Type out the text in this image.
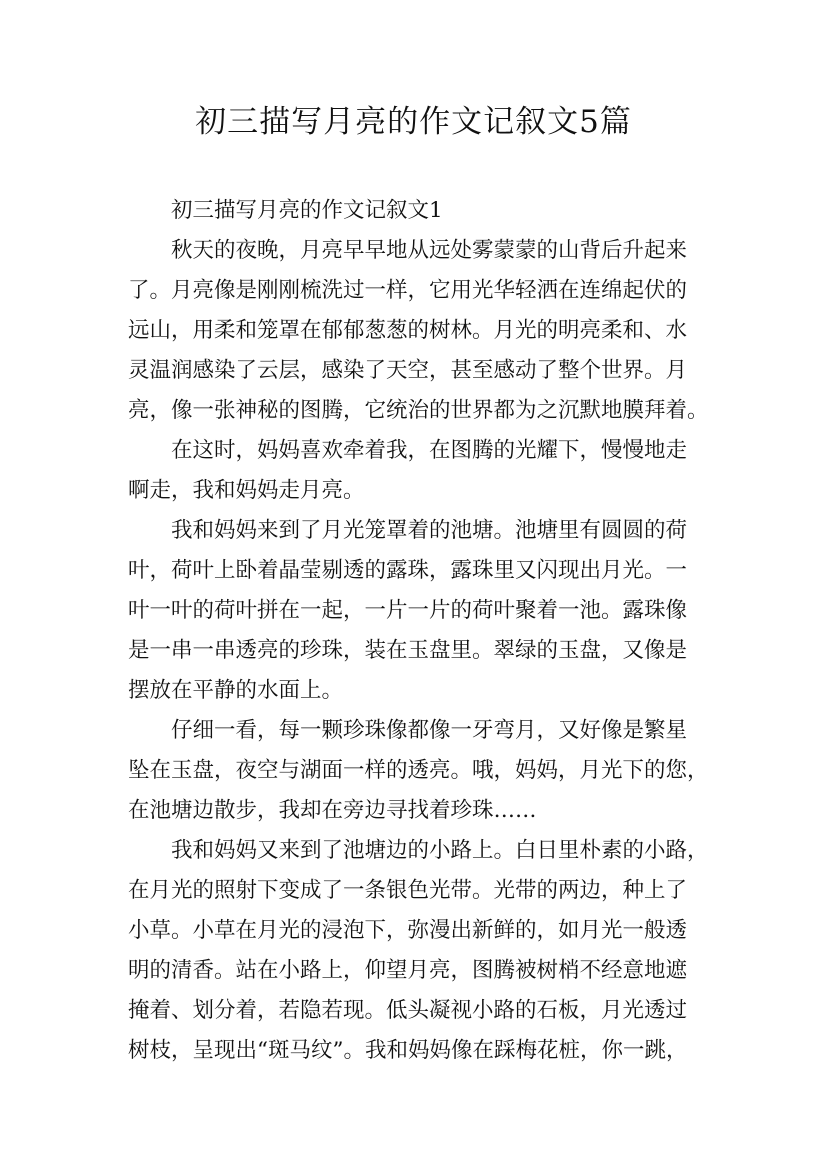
初三描写月亮的作文记叙文5篇

初三描写月亮的作文记叙文1

秋天的夜晚，月亮早早地从远处雾蒙蒙的山背后升起来
了。月亮像是刚刚梳洗过一样，它用光华轻洒在连绵起伏的
远山，用柔和笼罩在郁郁葱葱的树林。月光的明亮柔和、水
灵温润感染了云层，感染了天空，甚至感动了整个世界。月
亮，像一张神秘的图腾，它统治的世界都为之沉默地膜拜着。

在这时，妈妈喜欢牵着我，在图腾的光耀下，慢慢地走
啊走，我和妈妈走月亮。

我和妈妈来到了月光笼罩着的池塘。池塘里有圆圆的荷
叶，荷叶上卧着晶莹剔透的露珠，露珠里又闪现出月光。一
叶一叶的荷叶拼在一起，一片一片的荷叶聚着一池。露珠像
是一串一串透亮的珍珠，装在玉盘里。翠绿的玉盘，又像是
摆放在平静的水面上。

仔细一看，每一颗珍珠像都像一牙弯月，又好像是繁星
坠在玉盘，夜空与湖面一样的透亮。哦，妈妈，月光下的您，
在池塘边散步，我却在旁边寻找着珍珠……

我和妈妈又来到了池塘边的小路上。白日里朴素的小路，
在月光的照射下变成了一条银色光带。光带的两边，种上了
小草。小草在月光的浸泡下，弥漫出新鲜的，如月光一般透
明的清香。站在小路上，仰望月亮，图腾被树梢不经意地遮
掩着、划分着，若隐若现。低头凝视小路的石板，月光透过
树枝，呈现出“斑马纹”。我和妈妈像在踩梅花桩，你一跳，
